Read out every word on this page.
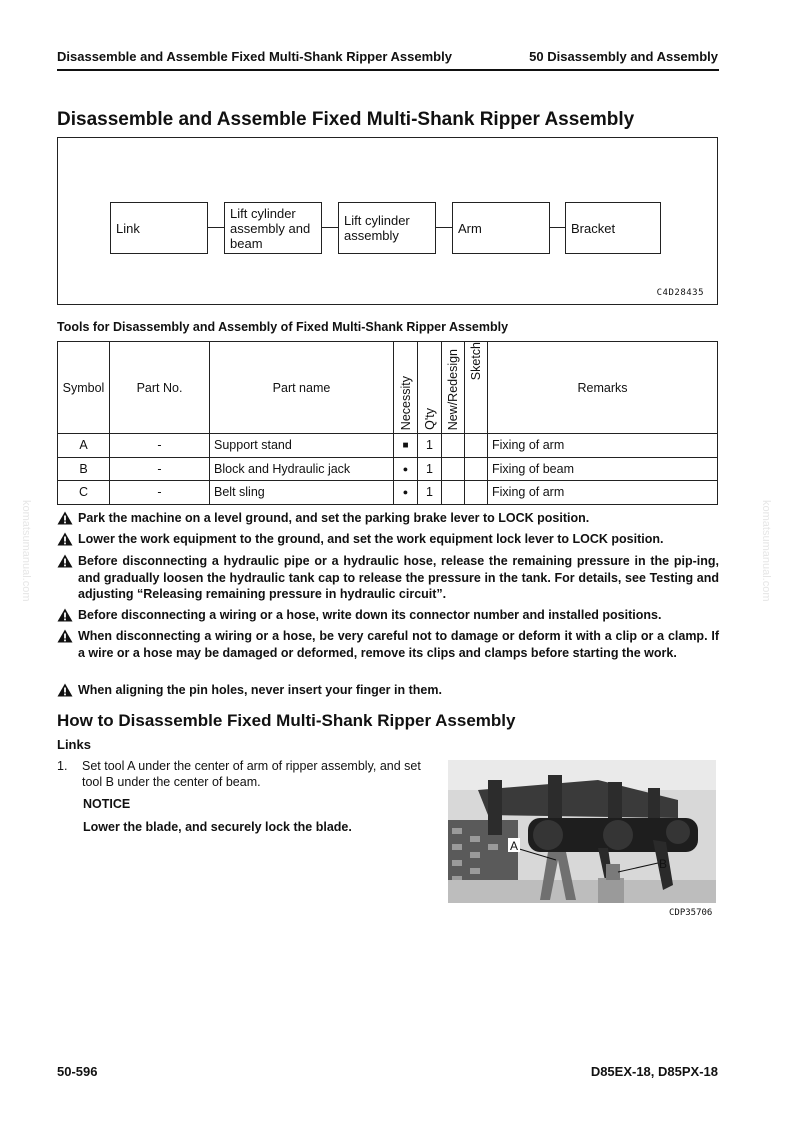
Disassemble and Assemble Fixed Multi-Shank Ripper Assembly	50 Disassembly and Assembly
komatsumanual.com	komatsumanual.com
Disassemble and Assemble Fixed Multi-Shank Ripper Assembly
Link
Lift cylinder assembly and beam
Lift cylinder assembly	Arm	Bracket
C4D28435
Tools for Disassembly and Assembly of Fixed Multi-Shank Ripper Assembly
Symbol	Part No.	Part name	Necessity	Q'ty	New/Redesign	Sketch	Remarks
A	-	Support stand	■	1			Fixing of arm
B	-	Block and Hydraulic jack	●	1			Fixing of beam
C	-	Belt sling	●	1			Fixing of arm
Park the machine on a level ground, and set the parking brake lever to LOCK position.
Lower the work equipment to the ground, and set the work equipment lock lever to LOCK position.
Before disconnecting a hydraulic pipe or a hydraulic hose, release the remaining pressure in the pip-ing, and gradually loosen the hydraulic tank cap to release the pressure in the tank. For details, see Testing and adjusting “Releasing remaining pressure in hydraulic circuit”.
Before disconnecting a wiring or a hose, write down its connector number and installed positions.
When disconnecting a wiring or a hose, be very careful not to damage or deform it with a clip or a clamp. If a wire or a hose may be damaged or deformed, remove its clips and clamps before starting the work.
When aligning the pin holes, never insert your finger in them.
How to Disassemble Fixed Multi-Shank Ripper Assembly
Links
1. Set tool A under the center of arm of ripper assembly, and set tool B under the center of beam.
NOTICE
Lower the blade, and securely lock the blade.
A
B
CDP35706
50-596	D85EX-18, D85PX-18
